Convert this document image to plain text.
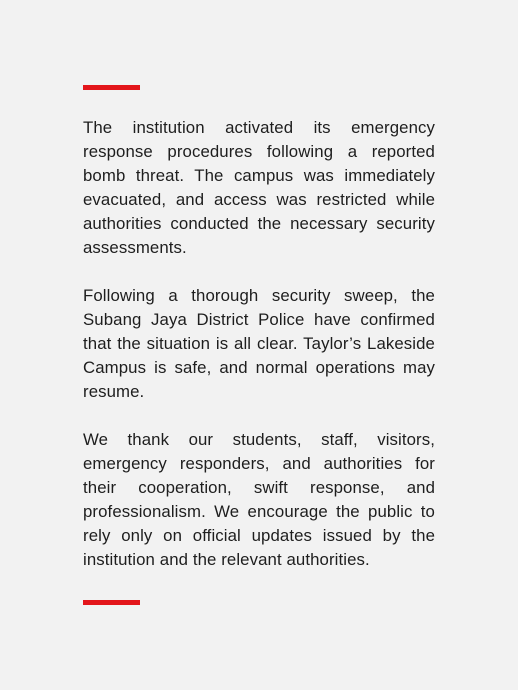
The institution activated its emergency response procedures following a reported bomb threat. The campus was immediately evacuated, and access was restricted while authorities conducted the necessary security assessments.

Following a thorough security sweep, the Subang Jaya District Police have confirmed that the situation is all clear. Taylor’s Lakeside Campus is safe, and normal operations may resume.

We thank our students, staff, visitors, emergency responders, and authorities for their cooperation, swift response, and professionalism. We encourage the public to rely only on official updates issued by the institution and the relevant authorities.
